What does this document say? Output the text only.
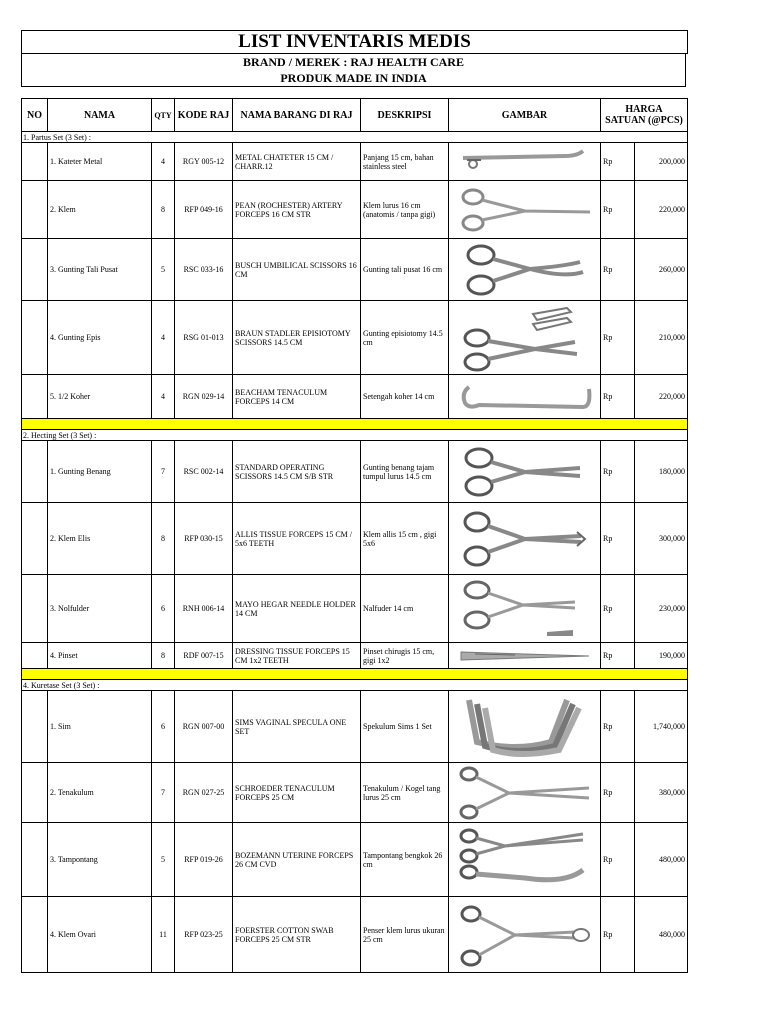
LIST INVENTARIS MEDIS
BRAND / MEREK : RAJ HEALTH CARE
PRODUK MADE IN INDIA
NO	NAMA	QTY	KODE RAJ	NAMA BARANG DI RAJ	DESKRIPSI	GAMBAR	HARGA
SATUAN (@PCS)	

1. Partus Set (3 Set) :								
	1. Kateter Metal	4	RGY 005-12	METAL CHATETER 15 CM / CHARR.12	Panjang 15 cm, bahan stainless steel		Rp	200,000
	2. Klem	8	RFP 049-16	PEAN (ROCHESTER) ARTERY FORCEPS 16 CM STR	Klem lurus 16 cm (anatomis / tanpa gigi)		Rp	220,000
	3. Gunting Tali Pusat	5	RSC 033-16	BUSCH UMBILICAL SCISSORS 16 CM	Gunting tali pusat 16 cm		Rp	260,000
	4. Gunting Epis	4	RSG 01-013	BRAUN STADLER EPISIOTOMY SCISSORS 14.5 CM	Gunting episiotomy 14.5 cm		Rp	210,000
	5. 1/2 Koher	4	RGN 029-14	BEACHAM TENACULUM FORCEPS 14 CM	Setengah koher 14 cm		Rp	220,000

2. Hecting Set (3 Set) :								
	1. Gunting Benang	7	RSC 002-14	STANDARD OPERATING SCISSORS 14.5 CM S/B STR	Gunting benang tajam tumpul lurus 14.5 cm		Rp	180,000
	2. Klem Elis	8	RFP 030-15	ALLIS TISSUE FORCEPS 15 CM / 5x6 TEETH	Klem allis 15 cm , gigi 5x6		Rp	300,000
	3. Nolfulder	6	RNH 006-14	MAYO HEGAR NEEDLE HOLDER 14 CM	Nalfuder 14 cm		Rp	230,000
	4. Pinset	8	RDF 007-15	DRESSING TISSUE FORCEPS 15 CM 1x2 TEETH	Pinset chirugis 15 cm, gigi 1x2		Rp	190,000

4. Kuretase Set (3 Set) :								
	1. Sim	6	RGN 007-00	SIMS VAGINAL SPECULA ONE SET	Spekulum Sims 1 Set		Rp	1,740,000
	2. Tenakulum	7	RGN 027-25	SCHROEDER TENACULUM FORCEPS 25 CM	Tenakulum / Kogel tang lurus 25 cm		Rp	380,000
	3. Tampontang	5	RFP 019-26	BOZEMANN UTERINE FORCEPS 26 CM CVD	Tampontang bengkok 26 cm		Rp	480,000
	4. Klem Ovari	11	RFP 023-25	FOERSTER COTTON SWAB FORCEPS 25 CM STR	Penser klem lurus ukuran 25 cm		Rp	480,000
